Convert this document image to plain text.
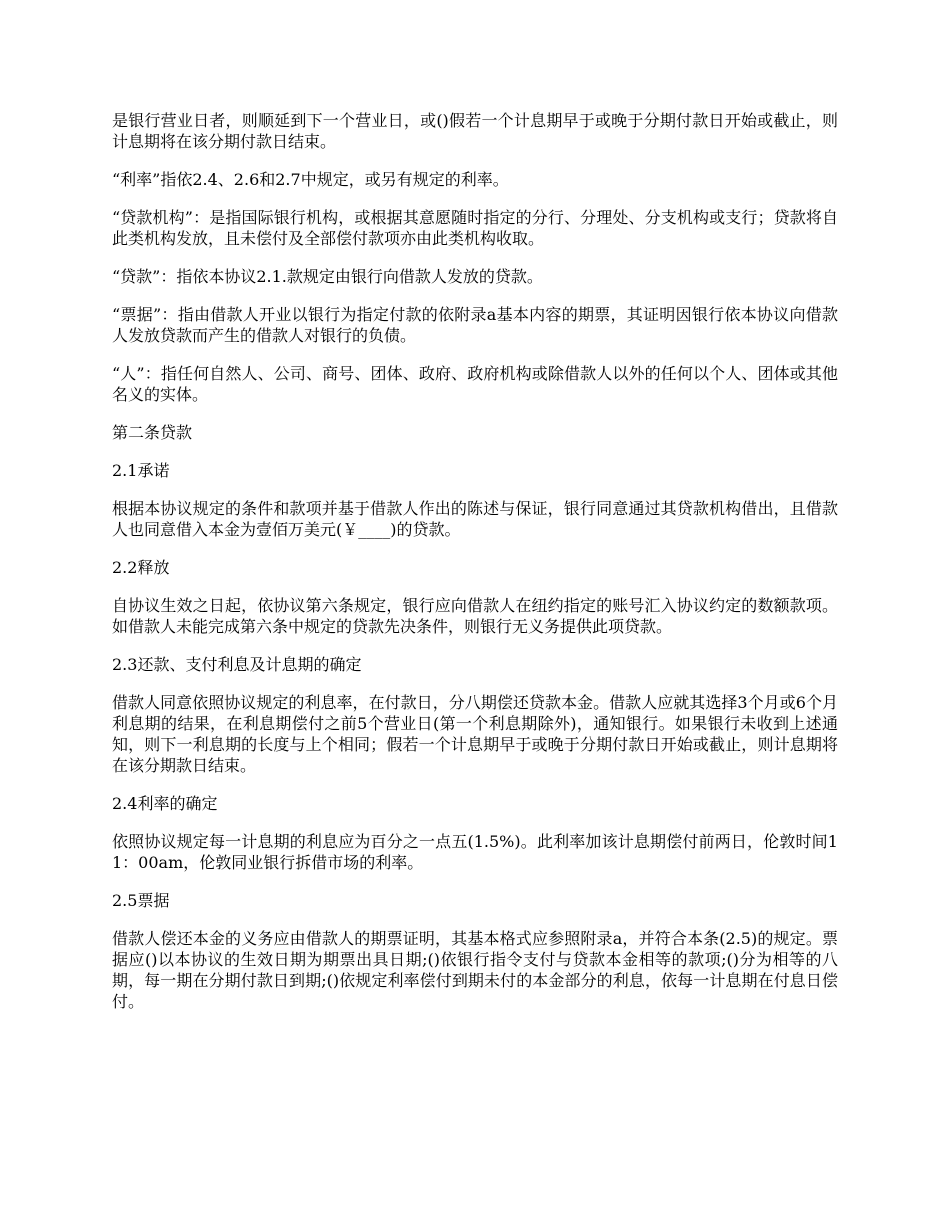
是银行营业日者，则顺延到下一个营业日，或()假若一个计息期早于或晚于分期付款日开始或截止，则计息期将在该分期付款日结束。

“利率”指依2.4、2.6和2.7中规定，或另有规定的利率。

“贷款机构”：是指国际银行机构，或根据其意愿随时指定的分行、分理处、分支机构或支行；贷款将自此类机构发放，且未偿付及全部偿付款项亦由此类机构收取。

“贷款”：指依本协议2.1.款规定由银行向借款人发放的贷款。

“票据”：指由借款人开业以银行为指定付款的依附录a基本内容的期票，其证明因银行依本协议向借款人发放贷款而产生的借款人对银行的负债。

“人”：指任何自然人、公司、商号、团体、政府、政府机构或除借款人以外的任何以个人、团体或其他名义的实体。

第二条贷款

2.1承诺

根据本协议规定的条件和款项并基于借款人作出的陈述与保证，银行同意通过其贷款机构借出，且借款人也同意借入本金为壹佰万美元(￥____)的贷款。

2.2释放

自协议生效之日起，依协议第六条规定，银行应向借款人在纽约指定的账号汇入协议约定的数额款项。如借款人未能完成第六条中规定的贷款先决条件，则银行无义务提供此项贷款。

2.3还款、支付利息及计息期的确定

借款人同意依照协议规定的利息率，在付款日，分八期偿还贷款本金。借款人应就其选择3个月或6个月利息期的结果，在利息期偿付之前5个营业日(第一个利息期除外)，通知银行。如果银行未收到上述通知，则下一利息期的长度与上个相同；假若一个计息期早于或晚于分期付款日开始或截止，则计息期将在该分期款日结束。

2.4利率的确定

依照协议规定每一计息期的利息应为百分之一点五(1.5%)。此利率加该计息期偿付前两日，伦敦时间11：00am，伦敦同业银行拆借市场的利率。

2.5票据

借款人偿还本金的义务应由借款人的期票证明，其基本格式应参照附录a，并符合本条(2.5)的规定。票据应()以本协议的生效日期为期票出具日期;()依银行指令支付与贷款本金相等的款项;()分为相等的八期，每一期在分期付款日到期;()依规定利率偿付到期未付的本金部分的利息，依每一计息期在付息日偿付。
